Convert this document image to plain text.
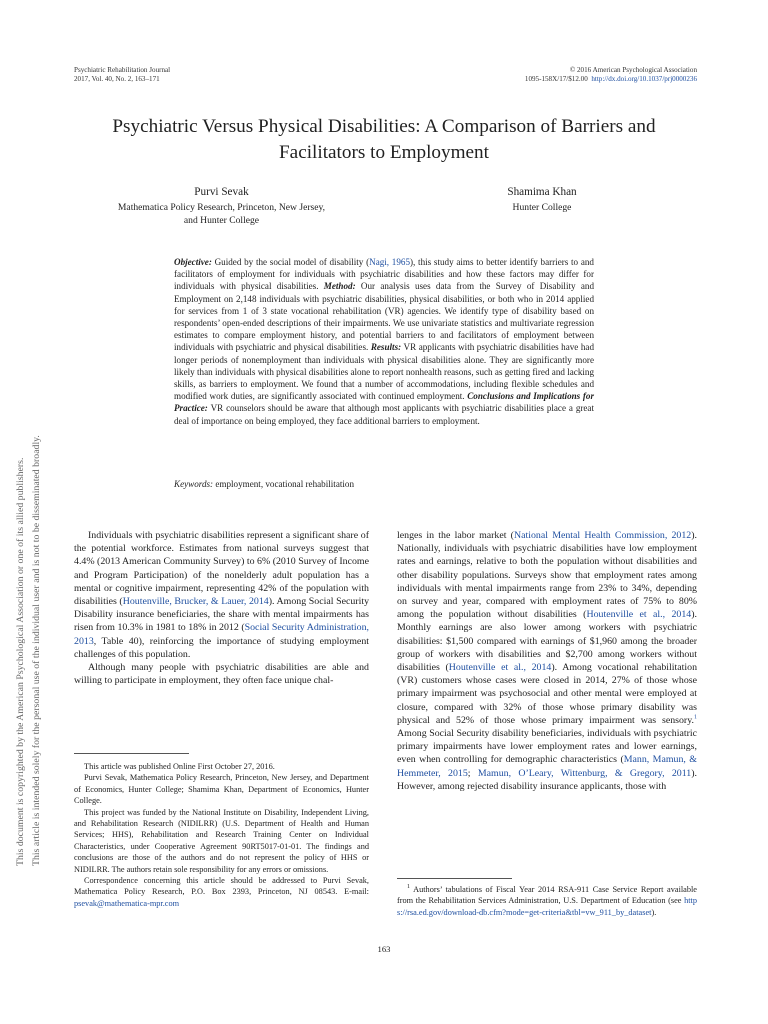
This document is copyrighted by the American Psychological Association or one of its allied publishers. This article is intended solely for the personal use of the individual user and is not to be disseminated broadly.
Psychiatric Rehabilitation Journal
2017, Vol. 40, No. 2, 163–171
© 2016 American Psychological Association
1095-158X/17/$12.00 http://dx.doi.org/10.1037/prj0000236
Psychiatric Versus Physical Disabilities: A Comparison of Barriers and
Facilitators to Employment
Purvi Sevak
Mathematica Policy Research, Princeton, New Jersey,
and Hunter College
Shamima Khan
Hunter College
Objective: Guided by the social model of disability (Nagi, 1965), this study aims to better identify barriers to and facilitators of employment for individuals with psychiatric disabilities and how these factors may differ for individuals with physical disabilities. Method: Our analysis uses data from the Survey of Disability and Employment on 2,148 individuals with psychiatric disabilities, physical disabilities, or both who in 2014 applied for services from 1 of 3 state vocational rehabilitation (VR) agencies. We identify type of disability based on respondents’ open-ended descriptions of their impairments. We use univariate statistics and multivariate regression estimates to compare employment history, and potential barriers to and facilitators of employment between individuals with psychiatric and physical disabilities. Results: VR applicants with psychiatric disabilities have had longer periods of nonemployment than individuals with physical disabilities alone. They are significantly more likely than individuals with physical disabilities alone to report nonhealth reasons, such as getting fired and lacking skills, as barriers to employment. We found that a number of accommodations, including flexible schedules and modified work duties, are significantly associated with continued employment. Conclusions and Implications for Practice: VR counselors should be aware that although most applicants with psychiatric disabilities place a great deal of importance on being employed, they face additional barriers to employment.
Keywords: employment, vocational rehabilitation

Individuals with psychiatric disabilities represent a significant share of the potential workforce. Estimates from national surveys suggest that 4.4% (2013 American Community Survey) to 6% (2010 Survey of Income and Program Participation) of the nonelderly adult population has a mental or cognitive impairment, representing 42% of the population with disabilities (Houtenville, Brucker, & Lauer, 2014). Among Social Security Disability insurance beneficiaries, the share with mental impairments has risen from 10.3% in 1981 to 18% in 2012 (Social Security Administration, 2013, Table 40), reinforcing the importance of studying employment challenges of this population.

Although many people with psychiatric disabilities are able and willing to participate in employment, they often face unique chal-

This article was published Online First October 27, 2016.

Purvi Sevak, Mathematica Policy Research, Princeton, New Jersey, and Department of Economics, Hunter College; Shamima Khan, Department of Economics, Hunter College.

This project was funded by the National Institute on Disability, Independent Living, and Rehabilitation Research (NIDILRR) (U.S. Department of Health and Human Services; HHS), Rehabilitation and Research Training Center on Individual Characteristics, under Cooperative Agreement 90RT5017-01-01. The findings and conclusions are those of the authors and do not represent the policy of HHS or NIDILRR. The authors retain sole responsibility for any errors or omissions.

Correspondence concerning this article should be addressed to Purvi Sevak, Mathematica Policy Research, P.O. Box 2393, Princeton, NJ 08543. E-mail: psevak@mathematica-mpr.com

lenges in the labor market (National Mental Health Commission, 2012). Nationally, individuals with psychiatric disabilities have low employment rates and earnings, relative to both the population without disabilities and other disability populations. Surveys show that employment rates among individuals with mental impairments range from 23% to 34%, depending on survey and year, compared with employment rates of 75% to 80% among the population without disabilities (Houtenville et al., 2014). Monthly earnings are also lower among workers with psychiatric disabilities: $1,500 compared with earnings of $1,960 among the broader group of workers with disabilities and $2,700 among workers without disabilities (Houtenville et al., 2014). Among vocational rehabilitation (VR) customers whose cases were closed in 2014, 27% of those whose primary impairment was psychosocial and other mental were employed at closure, compared with 32% of those whose primary disability was physical and 52% of those whose primary impairment was sensory.$^1$ Among Social Security disability beneficiaries, individuals with psychiatric primary impairments have lower employment rates and lower earnings, even when controlling for demographic characteristics (Mann, Mamun, & Hemmeter, 2015; Mamun, O’Leary, Wittenburg, & Gregory, 2011). However, among rejected disability insurance applicants, those with

$^1$ Authors’ tabulations of Fiscal Year 2014 RSA-911 Case Service Report available from the Rehabilitation Services Administration, U.S. Department of Education (see https://rsa.ed.gov/download-db.cfm?mode=get-criteria&tbl=vw_911_by_dataset).

163
